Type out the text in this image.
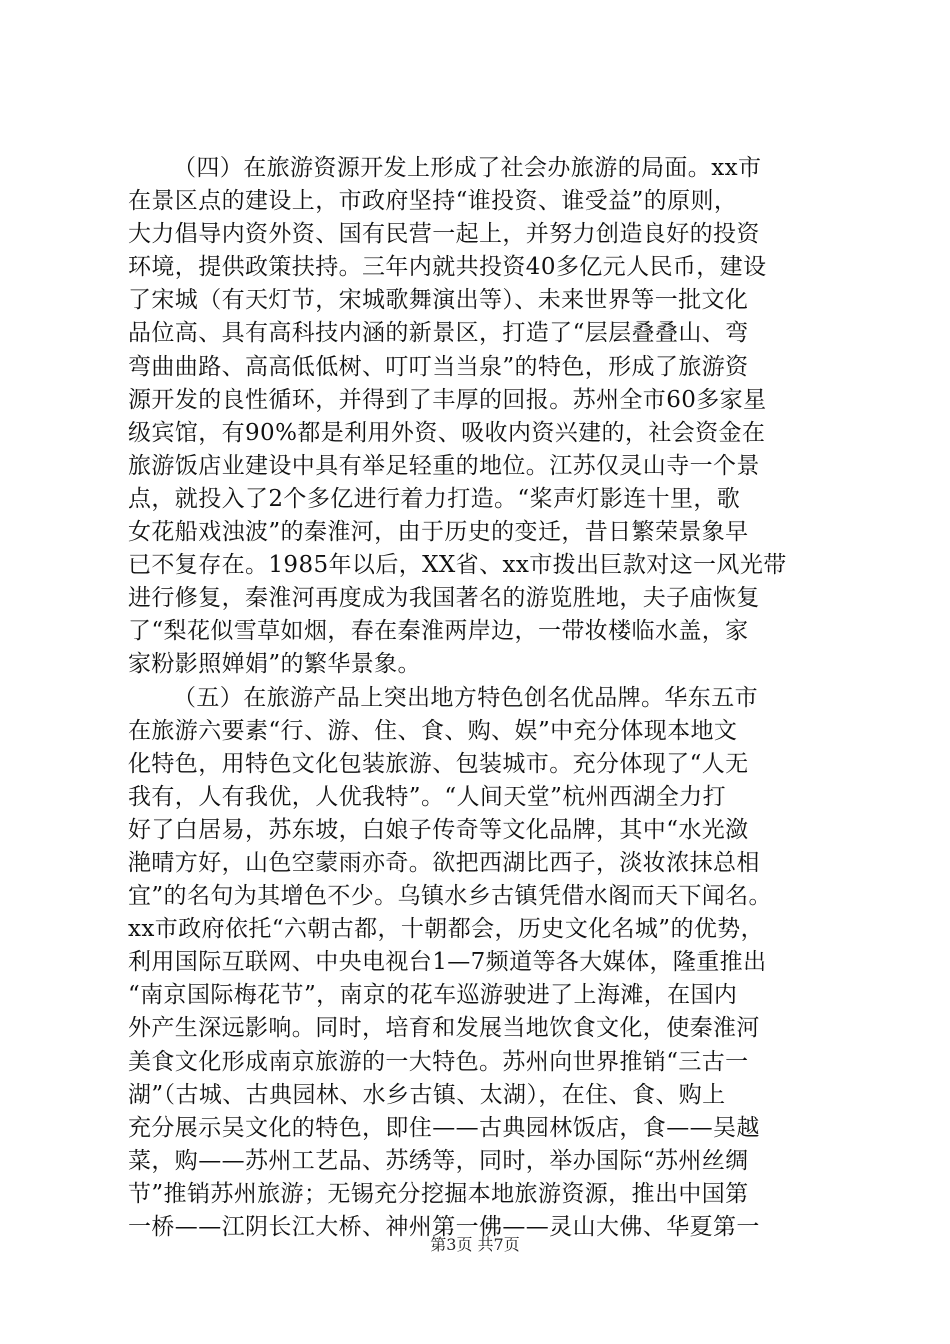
（四）在旅游资源开发上形成了社会办旅游的局面。xx市
在景区点的建设上，市政府坚持“谁投资、谁受益”的原则，
大力倡导内资外资、国有民营一起上，并努力创造良好的投资
环境，提供政策扶持。三年内就共投资40多亿元人民币，建设
了宋城（有天灯节，宋城歌舞演出等）、未来世界等一批文化
品位高、具有高科技内涵的新景区，打造了“层层叠叠山、弯
弯曲曲路、高高低低树、叮叮当当泉”的特色，形成了旅游资
源开发的良性循环，并得到了丰厚的回报。苏州全市60多家星
级宾馆，有90%都是利用外资、吸收内资兴建的，社会资金在
旅游饭店业建设中具有举足轻重的地位。江苏仅灵山寺一个景
点，就投入了2个多亿进行着力打造。“桨声灯影连十里，歌
女花船戏浊波”的秦淮河，由于历史的变迁，昔日繁荣景象早
已不复存在。1985年以后，XX省、xx市拨出巨款对这一风光带
进行修复，秦淮河再度成为我国著名的游览胜地，夫子庙恢复
了“梨花似雪草如烟，春在秦淮两岸边，一带妆楼临水盖，家
家粉影照婵娟”的繁华景象。
（五）在旅游产品上突出地方特色创名优品牌。华东五市
在旅游六要素“行、游、住、食、购、娱”中充分体现本地文
化特色，用特色文化包装旅游、包装城市。充分体现了“人无
我有，人有我优，人优我特”。“人间天堂”杭州西湖全力打
好了白居易，苏东坡，白娘子传奇等文化品牌，其中“水光潋
滟晴方好，山色空蒙雨亦奇。欲把西湖比西子，淡妆浓抹总相
宜”的名句为其增色不少。乌镇水乡古镇凭借水阁而天下闻名。
xx市政府依托“六朝古都，十朝都会，历史文化名城”的优势，
利用国际互联网、中央电视台1—7频道等各大媒体，隆重推出
“南京国际梅花节”，南京的花车巡游驶进了上海滩，在国内
外产生深远影响。同时，培育和发展当地饮食文化，使秦淮河
美食文化形成南京旅游的一大特色。苏州向世界推销“三古一
湖”（古城、古典园林、水乡古镇、太湖），在住、食、购上
充分展示吴文化的特色，即住——古典园林饭店，食——吴越
菜，购——苏州工艺品、苏绣等，同时，举办国际“苏州丝绸
节”推销苏州旅游；无锡充分挖掘本地旅游资源，推出中国第
一桥——江阴长江大桥、神州第一佛——灵山大佛、华夏第一
第3页 共7页
